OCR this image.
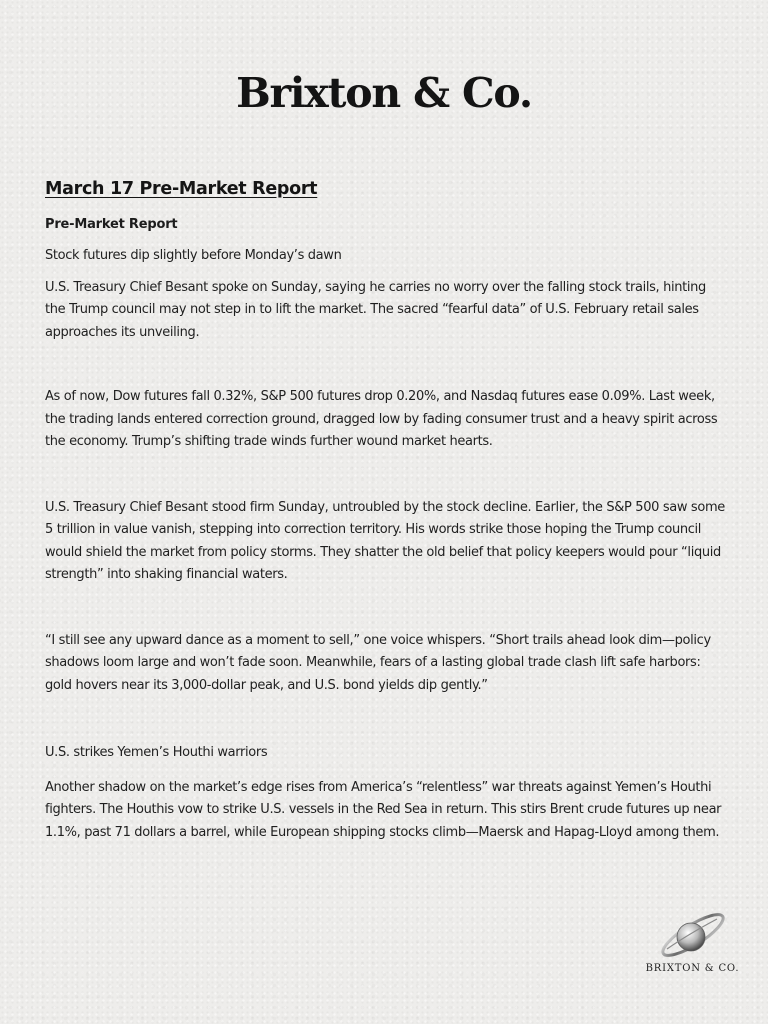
Brixton & Co.
March 17 Pre-Market Report

Pre-Market Report

Stock futures dip slightly before Monday’s dawn

U.S. Treasury Chief Besant spoke on Sunday, saying he carries no worry over the falling stock trails, hinting the Trump council may not step in to lift the market. The sacred “fearful data” of U.S. February retail sales approaches its unveiling.

As of now, Dow futures fall 0.32%, S&P 500 futures drop 0.20%, and Nasdaq futures ease 0.09%. Last week, the trading lands entered correction ground, dragged low by fading consumer trust and a heavy spirit across the economy. Trump’s shifting trade winds further wound market hearts.

U.S. Treasury Chief Besant stood firm Sunday, untroubled by the stock decline. Earlier, the S&P 500 saw some 5 trillion in value vanish, stepping into correction territory. His words strike those hoping the Trump council would shield the market from policy storms. They shatter the old belief that policy keepers would pour “liquid strength” into shaking financial waters.

“I still see any upward dance as a moment to sell,” one voice whispers. “Short trails ahead look dim—policy shadows loom large and won’t fade soon. Meanwhile, fears of a lasting global trade clash lift safe harbors: gold hovers near its 3,000-dollar peak, and U.S. bond yields dip gently.”

U.S. strikes Yemen’s Houthi warriors

Another shadow on the market’s edge rises from America’s “relentless” war threats against Yemen’s Houthi fighters. The Houthis vow to strike U.S. vessels in the Red Sea in return. This stirs Brent crude futures up near 1.1%, past 71 dollars a barrel, while European shipping stocks climb—Maersk and Hapag-Lloyd among them.

BRIXTON & CO.
